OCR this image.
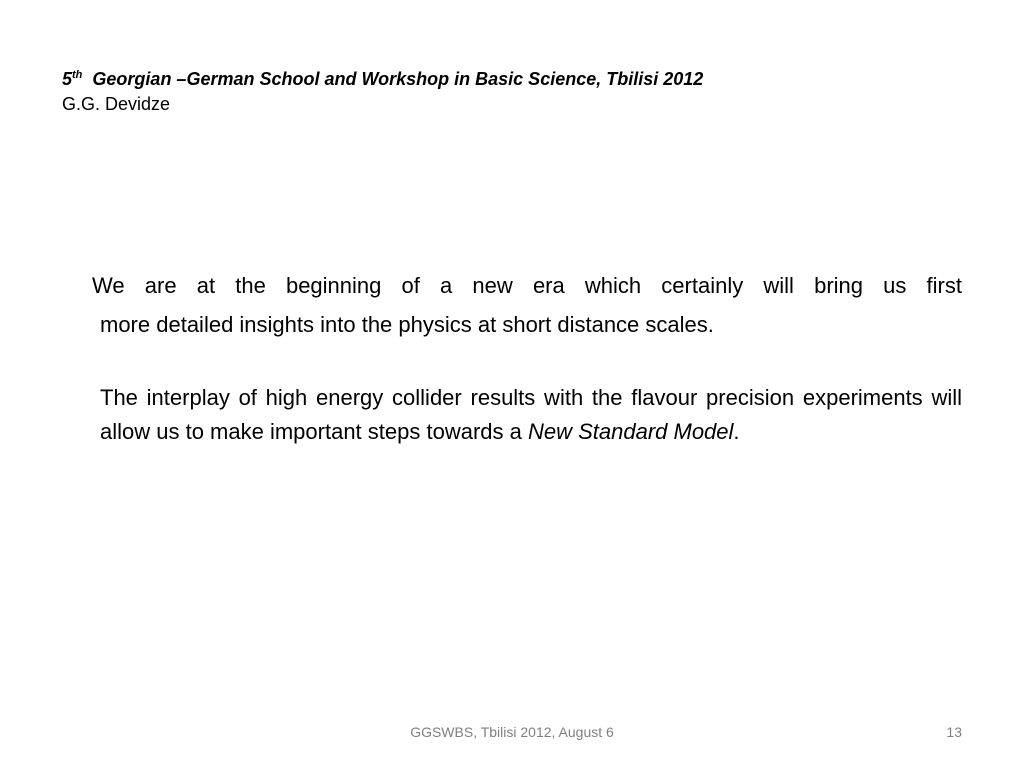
5th Georgian –German School and Workshop in Basic Science, Tbilisi 2012
G.G. Devidze

We are at the beginning of a new era which certainly will bring us first
more detailed insights into the physics at short distance scales.

The interplay of high energy collider results with the flavour precision experiments will allow us to make important steps towards a New Standard Model.

GGSWBS, Tbilisi 2012, August 6	13
